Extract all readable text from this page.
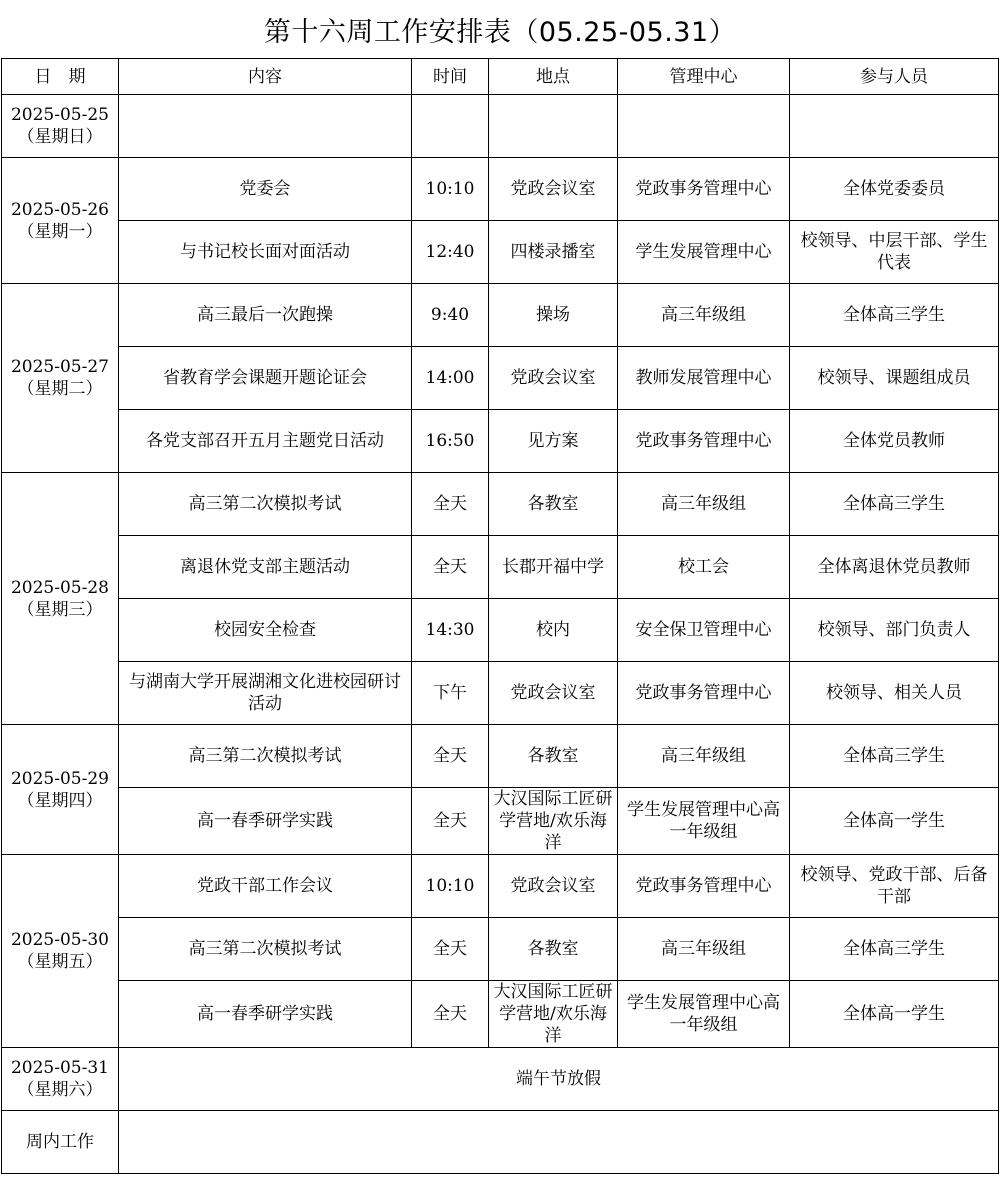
第十六周工作安排表（05.25-05.31）
日　期	内容	时间	地点	管理中心	参与人员

2025-05-25
（星期日）					

2025-05-26
（星期一）	党委会	10:10	党政会议室	党政事务管理中心	全体党委委员
	与书记校长面对面活动	12:40	四楼录播室	学生发展管理中心	校领导、中层干部、学生代表

2025-05-27
（星期二）	高三最后一次跑操	9:40	操场	高三年级组	全体高三学生
	省教育学会课题开题论证会	14:00	党政会议室	教师发展管理中心	校领导、课题组成员
	各党支部召开五月主题党日活动	16:50	见方案	党政事务管理中心	全体党员教师

2025-05-28
（星期三）	高三第二次模拟考试	全天	各教室	高三年级组	全体高三学生
	离退休党支部主题活动	全天	长郡开福中学	校工会	全体离退休党员教师
	校园安全检查	14:30	校内	安全保卫管理中心	校领导、部门负责人
	与湖南大学开展湖湘文化进校园研讨活动	下午	党政会议室	党政事务管理中心	校领导、相关人员

2025-05-29
（星期四）	高三第二次模拟考试	全天	各教室	高三年级组	全体高三学生
	高一春季研学实践	全天	大汉国际工匠研学营地/欢乐海洋	学生发展管理中心高一年级组	全体高一学生

2025-05-30
（星期五）	党政干部工作会议	10:10	党政会议室	党政事务管理中心	校领导、党政干部、后备干部
	高三第二次模拟考试	全天	各教室	高三年级组	全体高三学生
	高一春季研学实践	全天	大汉国际工匠研学营地/欢乐海洋	学生发展管理中心高一年级组	全体高一学生

2025-05-31
（星期六）	端午节放假				
周内工作					
